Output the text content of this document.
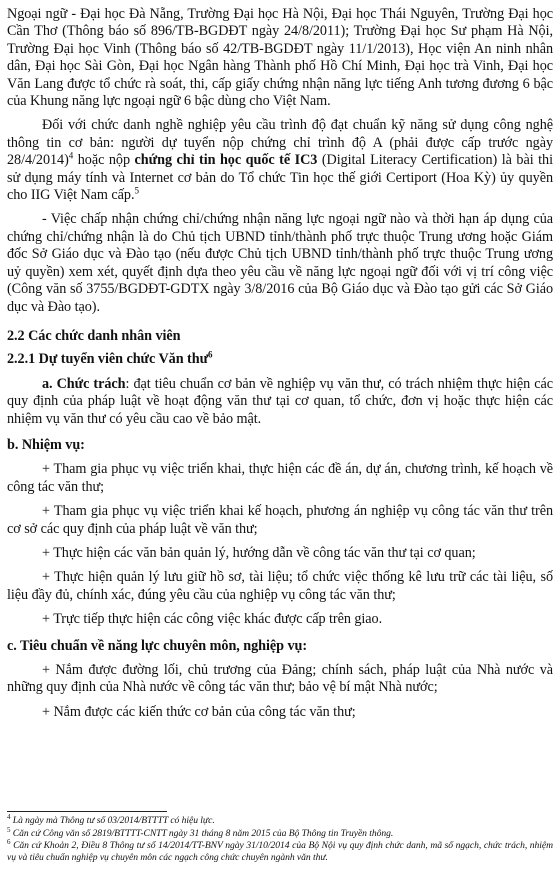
Ngoại ngữ - Đại học Đà Nẵng, Trường Đại học Hà Nội, Đại học Thái Nguyên, Trường Đại học Cần Thơ (Thông báo số 896/TB-BGDĐT ngày 24/8/2011); Trường Đại học Sư phạm Hà Nội, Trường Đại học Vinh (Thông báo số 42/TB-BGDĐT ngày 11/1/2013), Học viện An ninh nhân dân, Đại học Sài Gòn, Đại học Ngân hàng Thành phố Hồ Chí Minh, Đại học trà Vinh, Đại học Văn Lang được tổ chức rà soát, thi, cấp giấy chứng nhận năng lực tiếng Anh tương đương 6 bậc của Khung năng lực ngoại ngữ 6 bậc dùng cho Việt Nam.

Đối với chức danh nghề nghiệp yêu cầu trình độ đạt chuẩn kỹ năng sử dụng công nghệ thông tin cơ bản: người dự tuyển nộp chứng chỉ trình độ A (phải được cấp trước ngày 28/4/2014)$^4$ hoặc nộp chứng chỉ tin học quốc tế IC3 (Digital Literacy Certification) là bài thi sử dụng máy tính và Internet cơ bản do Tổ chức Tin học thế giới Certiport (Hoa Kỳ) ủy quyền cho IIG Việt Nam cấp.$^5$

- Việc chấp nhận chứng chỉ/chứng nhận năng lực ngoại ngữ nào và thời hạn áp dụng của chứng chỉ/chứng nhận là do Chủ tịch UBND tỉnh/thành phố trực thuộc Trung ương hoặc Giám đốc Sở Giáo dục và Đào tạo (nếu được Chủ tịch UBND tỉnh/thành phố trực thuộc Trung ương uỷ quyền) xem xét, quyết định dựa theo yêu cầu về năng lực ngoại ngữ đối với vị trí công việc (Công văn số 3755/BGDĐT-GDTX ngày 3/8/2016 của Bộ Giáo dục và Đào tạo gửi các Sở Giáo dục và Đào tạo).

2.2 Các chức danh nhân viên

2.2.1 Dự tuyển viên chức Văn thư$^6$

a. Chức trách: đạt tiêu chuẩn cơ bản về nghiệp vụ văn thư, có trách nhiệm thực hiện các quy định của pháp luật về hoạt động văn thư tại cơ quan, tổ chức, đơn vị hoặc thực hiện các nhiệm vụ văn thư có yêu cầu cao về bảo mật.

b. Nhiệm vụ:

+ Tham gia phục vụ việc triển khai, thực hiện các đề án, dự án, chương trình, kế hoạch về công tác văn thư;

+ Tham gia phục vụ việc triển khai kế hoạch, phương án nghiệp vụ công tác văn thư trên cơ sở các quy định của pháp luật về văn thư;

+ Thực hiện các văn bản quản lý, hướng dẫn về công tác văn thư tại cơ quan;

+ Thực hiện quản lý lưu giữ hồ sơ, tài liệu; tổ chức việc thống kê lưu trữ các tài liệu, số liệu đầy đủ, chính xác, đúng yêu cầu của nghiệp vụ công tác văn thư;

+ Trực tiếp thực hiện các công việc khác được cấp trên giao.

c. Tiêu chuẩn về năng lực chuyên môn, nghiệp vụ:

+ Nắm được đường lối, chủ trương của Đảng; chính sách, pháp luật của Nhà nước và những quy định của Nhà nước về công tác văn thư; bảo vệ bí mật Nhà nước;

+ Nắm được các kiến thức cơ bản của công tác văn thư;

$^4$ Là ngày mà Thông tư số 03/2014/BTTTT có hiệu lực.

$^5$ Căn cứ Công văn số 2819/BTTTT-CNTT ngày 31 tháng 8 năm 2015 của Bộ Thông tin Truyền thông.

$^6$ Căn cứ Khoản 2, Điều 8 Thông tư số 14/2014/TT-BNV ngày 31/10/2014 của Bộ Nội vụ quy định chức danh, mã số ngạch, chức trách, nhiệm vụ và tiêu chuẩn nghiệp vụ chuyên môn các ngạch công chức chuyên ngành văn thư.
